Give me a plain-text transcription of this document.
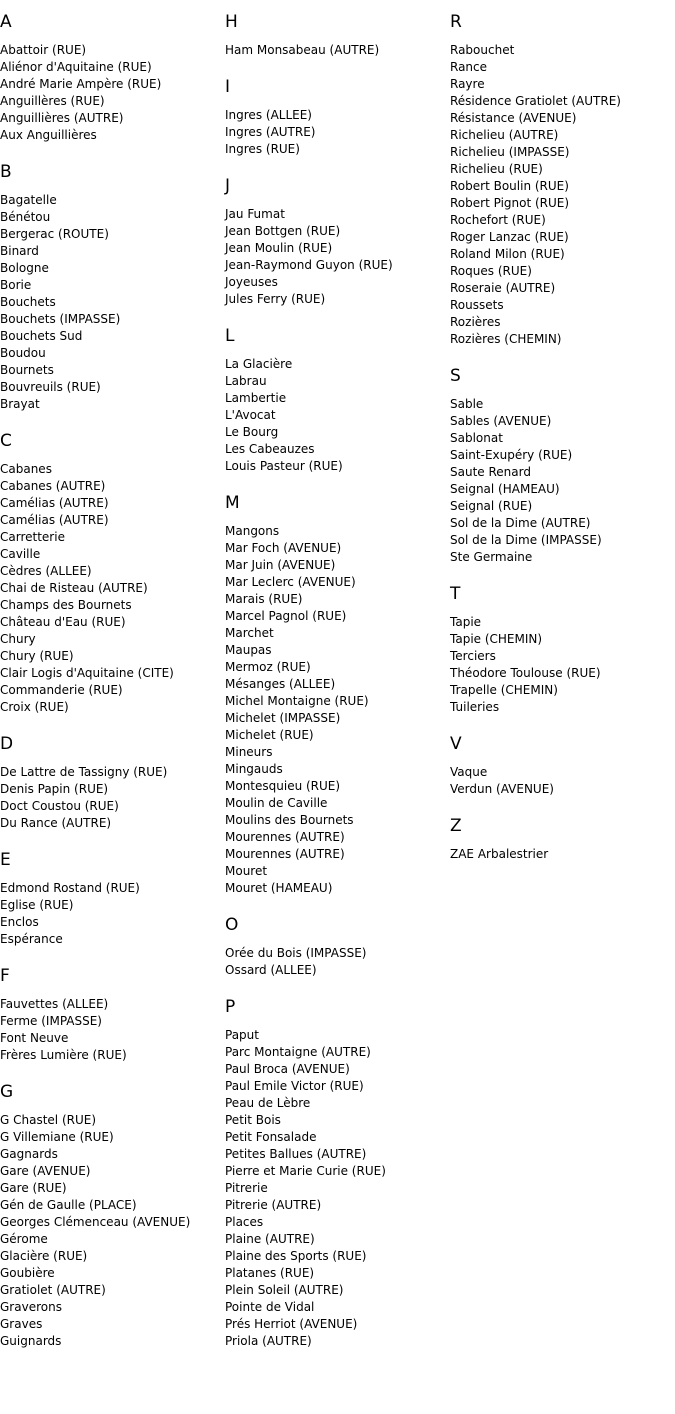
A
Abattoir (RUE)
Aliénor d'Aquitaine (RUE)
André Marie Ampère (RUE)
Anguillères (RUE)
Anguillières (AUTRE)
Aux Anguillières
B
Bagatelle
Bénétou
Bergerac (ROUTE)
Binard
Bologne
Borie
Bouchets
Bouchets (IMPASSE)
Bouchets Sud
Boudou
Bournets
Bouvreuils (RUE)
Brayat
C
Cabanes
Cabanes (AUTRE)
Camélias (AUTRE)
Camélias (AUTRE)
Carretterie
Caville
Cèdres (ALLEE)
Chai de Risteau (AUTRE)
Champs des Bournets
Château d'Eau (RUE)
Chury
Chury (RUE)
Clair Logis d'Aquitaine (CITE)
Commanderie (RUE)
Croix (RUE)
D
De Lattre de Tassigny (RUE)
Denis Papin (RUE)
Doct Coustou (RUE)
Du Rance (AUTRE)
E
Edmond Rostand (RUE)
Eglise (RUE)
Enclos
Espérance
F
Fauvettes (ALLEE)
Ferme (IMPASSE)
Font Neuve
Frères Lumière (RUE)
G
G Chastel (RUE)
G Villemiane (RUE)
Gagnards
Gare (AVENUE)
Gare (RUE)
Gén de Gaulle (PLACE)
Georges Clémenceau (AVENUE)
Gérome
Glacière (RUE)
Goubière
Gratiolet (AUTRE)
Graverons
Graves
Guignards
H
Ham Monsabeau (AUTRE)
I
Ingres (ALLEE)
Ingres (AUTRE)
Ingres (RUE)
J
Jau Fumat
Jean Bottgen (RUE)
Jean Moulin (RUE)
Jean-Raymond Guyon (RUE)
Joyeuses
Jules Ferry (RUE)
L
La Glacière
Labrau
Lambertie
L'Avocat
Le Bourg
Les Cabeauzes
Louis Pasteur (RUE)
M
Mangons
Mar Foch (AVENUE)
Mar Juin (AVENUE)
Mar Leclerc (AVENUE)
Marais (RUE)
Marcel Pagnol (RUE)
Marchet
Maupas
Mermoz (RUE)
Mésanges (ALLEE)
Michel Montaigne (RUE)
Michelet (IMPASSE)
Michelet (RUE)
Mineurs
Mingauds
Montesquieu (RUE)
Moulin de Caville
Moulins des Bournets
Mourennes (AUTRE)
Mourennes (AUTRE)
Mouret
Mouret (HAMEAU)
O
Orée du Bois (IMPASSE)
Ossard (ALLEE)
P
Paput
Parc Montaigne (AUTRE)
Paul Broca (AVENUE)
Paul Emile Victor (RUE)
Peau de Lèbre
Petit Bois
Petit Fonsalade
Petites Ballues (AUTRE)
Pierre et Marie Curie (RUE)
Pitrerie
Pitrerie (AUTRE)
Places
Plaine (AUTRE)
Plaine des Sports (RUE)
Platanes (RUE)
Plein Soleil (AUTRE)
Pointe de Vidal
Prés Herriot (AVENUE)
Priola (AUTRE)
R
Rabouchet
Rance
Rayre
Résidence Gratiolet (AUTRE)
Résistance (AVENUE)
Richelieu (AUTRE)
Richelieu (IMPASSE)
Richelieu (RUE)
Robert Boulin (RUE)
Robert Pignot (RUE)
Rochefort (RUE)
Roger Lanzac (RUE)
Roland Milon (RUE)
Roques (RUE)
Roseraie (AUTRE)
Roussets
Rozières
Rozières (CHEMIN)
S
Sable
Sables (AVENUE)
Sablonat
Saint-Exupéry (RUE)
Saute Renard
Seignal (HAMEAU)
Seignal (RUE)
Sol de la Dime (AUTRE)
Sol de la Dime (IMPASSE)
Ste Germaine
T
Tapie
Tapie (CHEMIN)
Terciers
Théodore Toulouse (RUE)
Trapelle (CHEMIN)
Tuileries
V
Vaque
Verdun (AVENUE)
Z
ZAE Arbalestrier
